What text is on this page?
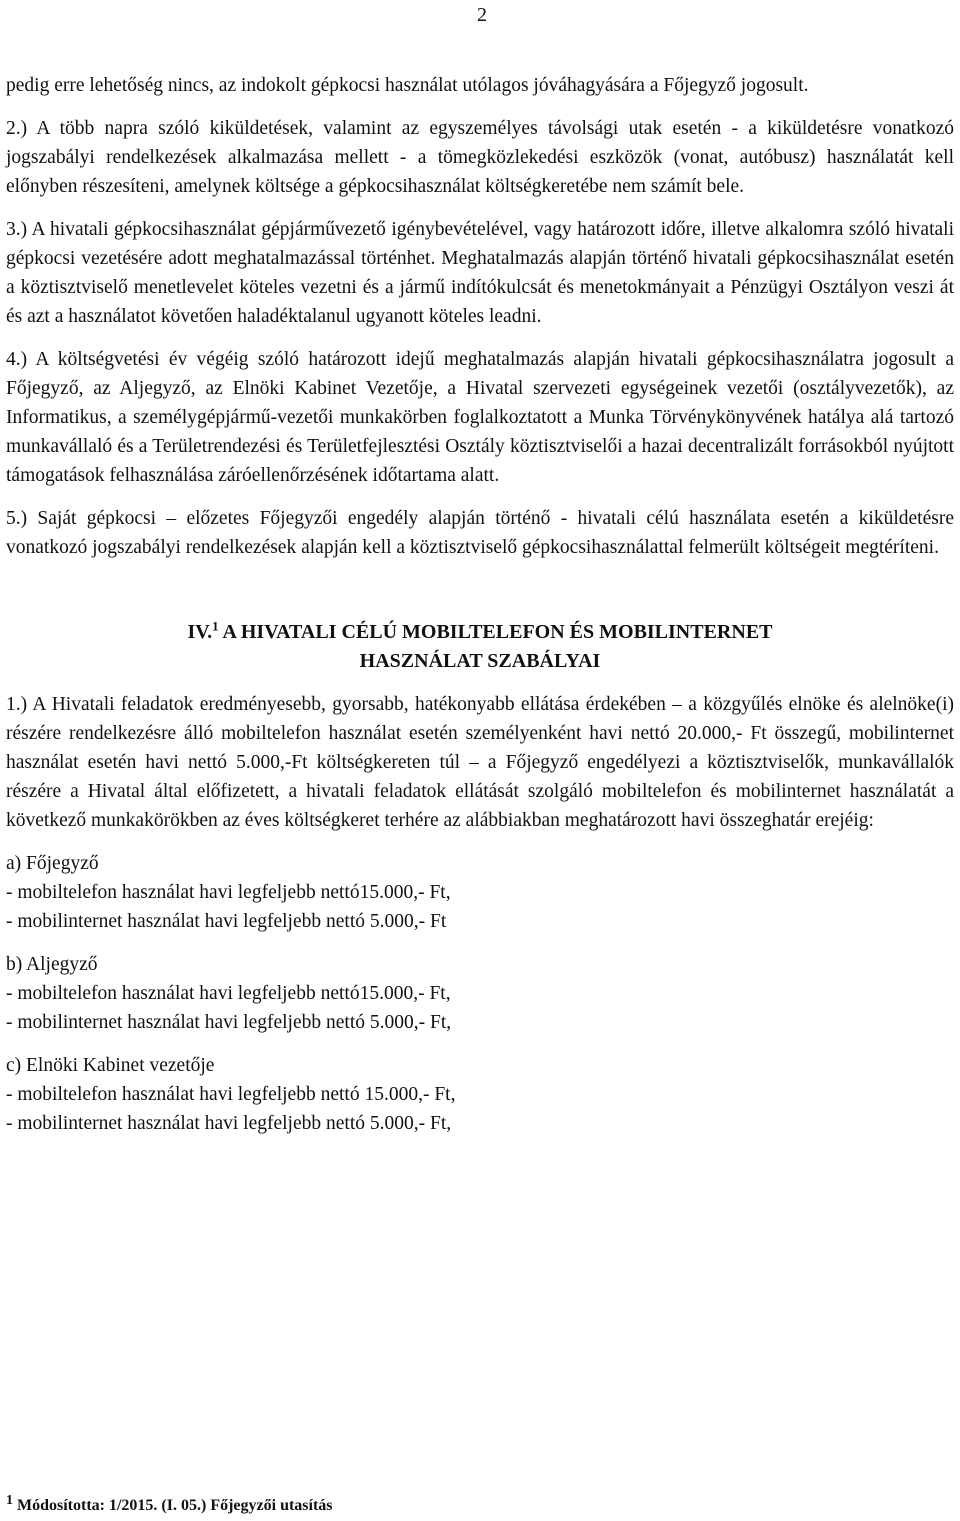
2

pedig erre lehetőség nincs, az indokolt gépkocsi használat utólagos jóváhagyására a Főjegyző jogosult.

2.) A több napra szóló kiküldetések, valamint az egyszemélyes távolsági utak esetén - a kiküldetésre vonatkozó jogszabályi rendelkezések alkalmazása mellett - a tömegközlekedési eszközök (vonat, autóbusz) használatát kell előnyben részesíteni, amelynek költsége a gépkocsihasználat költségkeretébe nem számít bele.

3.) A hivatali gépkocsihasználat gépjárművezető igénybevételével, vagy határozott időre, illetve alkalomra szóló hivatali gépkocsi vezetésére adott meghatalmazással történhet. Meghatalmazás alapján történő hivatali gépkocsihasználat esetén a köztisztviselő menetlevelet köteles vezetni és a jármű indítókulcsát és menetokmányait a Pénzügyi Osztályon veszi át és azt a használatot követően haladéktalanul ugyanott köteles leadni.

4.) A költségvetési év végéig szóló határozott idejű meghatalmazás alapján hivatali gépkocsihasználatra jogosult a Főjegyző, az Aljegyző, az Elnöki Kabinet Vezetője, a Hivatal szervezeti egységeinek vezetői (osztályvezetők), az Informatikus, a személygépjármű-vezetői munkakörben foglalkoztatott a Munka Törvénykönyvének hatálya alá tartozó munkavállaló és a Területrendezési és Területfejlesztési Osztály köztisztviselői a hazai decentralizált forrásokból nyújtott támogatások felhasználása záróellenőrzésének időtartama alatt.

5.) Saját gépkocsi – előzetes Főjegyzői engedély alapján történő - hivatali célú használata esetén a kiküldetésre vonatkozó jogszabályi rendelkezések alapján kell a köztisztviselő gépkocsihasználattal felmerült költségeit megtéríteni.

IV.$^1$ A HIVATALI CÉLÚ MOBILTELEFON ÉS MOBILINTERNET
HASZNÁLAT SZABÁLYAI

1.) A Hivatali feladatok eredményesebb, gyorsabb, hatékonyabb ellátása érdekében – a közgyűlés elnöke és alelnöke(i) részére rendelkezésre álló mobiltelefon használat esetén személyenként havi nettó 20.000,- Ft összegű, mobilinternet használat esetén havi nettó 5.000,-Ft költségkereten túl – a Főjegyző engedélyezi a köztisztviselők, munkavállalók részére a Hivatal által előfizetett, a hivatali feladatok ellátását szolgáló mobiltelefon és mobilinternet használatát a következő munkakörökben az éves költségkeret terhére az alábbiakban meghatározott havi összeghatár erejéig:

a) Főjegyző
- mobiltelefon használat havi legfeljebb nettó15.000,- Ft,
- mobilinternet használat havi legfeljebb nettó 5.000,- Ft
b) Aljegyző
- mobiltelefon használat havi legfeljebb nettó15.000,- Ft,
- mobilinternet használat havi legfeljebb nettó 5.000,- Ft,
c) Elnöki Kabinet vezetője
- mobiltelefon használat havi legfeljebb nettó 15.000,- Ft,
- mobilinternet használat havi legfeljebb nettó 5.000,- Ft,
1 Módosította: 1/2015. (I. 05.) Főjegyzői utasítás
